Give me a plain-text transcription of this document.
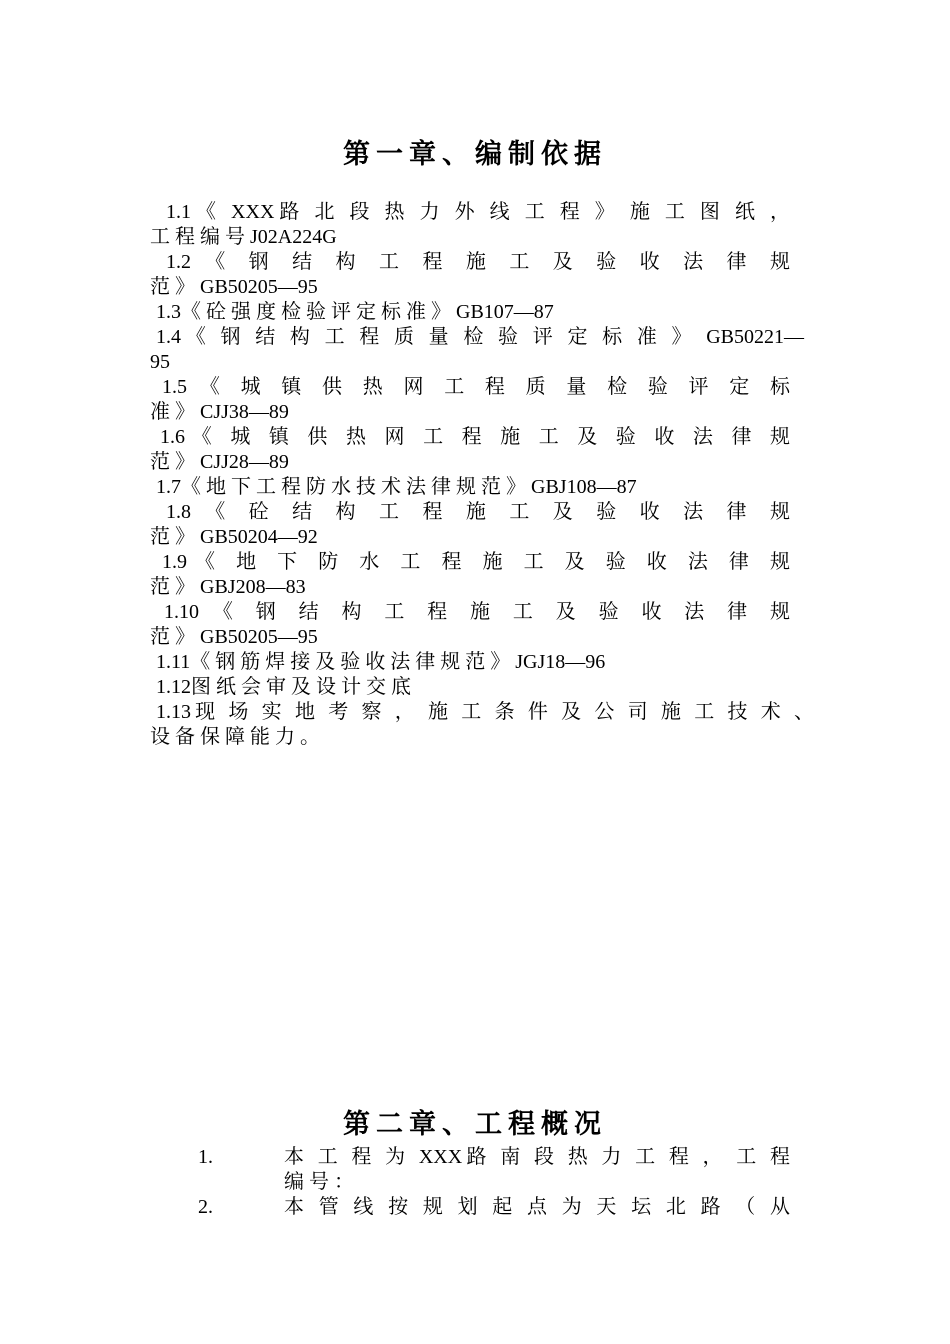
第一章、编制依据

1.1《 XXX路 北 段 热 力 外 线 工 程 》 施 工 图 纸 ，
工 程 编 号 J02A224G

1.2 《 钢 结 构 工 程 施 工 及 验 收 法 律 规
范 》 GB50205—95

1.3《 砼 强 度 检 验 评 定 标 准 》 GB107—87

1.4《 钢 结 构 工 程 质 量 检 验 评 定 标 准 》 GB50221—
95

1.5 《 城 镇 供 热 网 工 程 质 量 检 验 评 定 标
准 》 CJJ38—89

1.6《 城 镇 供 热 网 工 程 施 工 及 验 收 法 律 规
范 》 CJJ28—89

1.7《 地 下 工 程 防 水 技 术 法 律 规 范 》 GBJ108—87

1.8 《 砼 结 构 工 程 施 工 及 验 收 法 律 规
范 》 GB50204—92

1.9《 地 下 防 水 工 程 施 工 及 验 收 法 律 规
范 》 GBJ208—83

1.10 《 钢 结 构 工 程 施 工 及 验 收 法 律 规
范 》 GB50205—95

1.11《 钢 筋 焊 接 及 验 收 法 律 规 范 》 JGJ18—96

1.12图 纸 会 审 及 设 计 交 底

1.13现 场 实 地 考 察 ， 施 工 条 件 及 公 司 施 工 技 术 、
设 备 保 障 能 力 。

第二章、工程概况
1.	本 工 程 为 XXX路 南 段 热 力 工 程 ， 工 程
编 号 ：
2.	本 管 线 按 规 划 起 点 为 天 坛 北 路 （ 从
